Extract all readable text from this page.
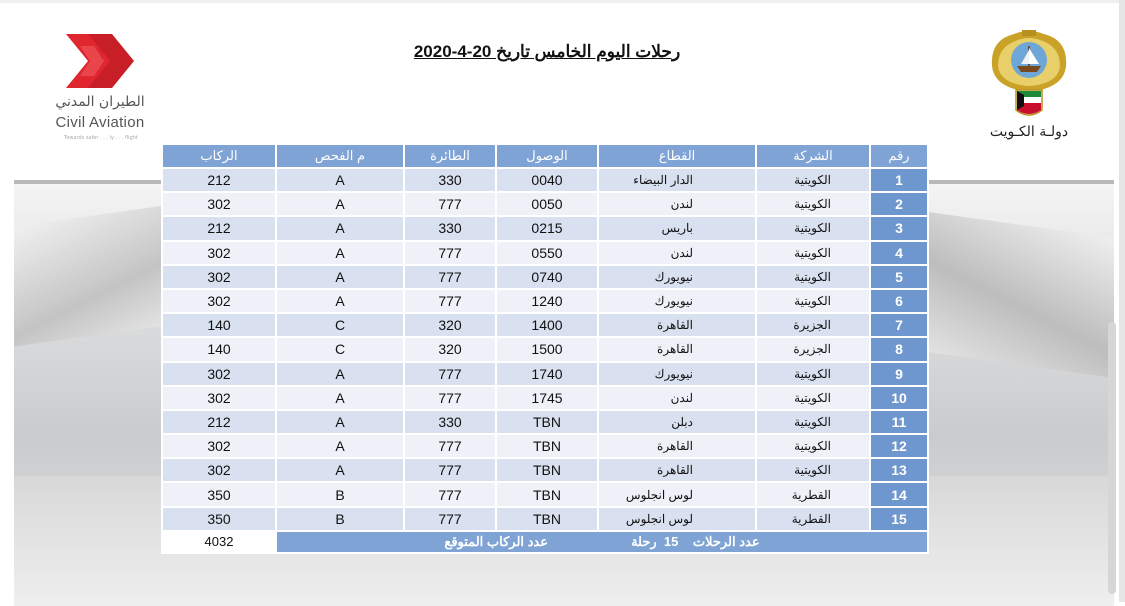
الطيران المدني
Civil Aviation
Towards safer . . . ly . . . flight
رحلات اليوم الخامس تاريخ 20-4-2020
دولـة الكـويت
رقم	الشركة	القطاع	الوصول	الطائرة	م الفحص	الركاب
1	الكويتية	الدار البيضاء	0040	330	A	212
2	الكويتية	لندن	0050	777	A	302
3	الكويتية	باريس	0215	330	A	212
4	الكويتية	لندن	0550	777	A	302
5	الكويتية	نيويورك	0740	777	A	302
6	الكويتية	نيويورك	1240	777	A	302
7	الجزيرة	القاهرة	1400	320	C	140
8	الجزيرة	القاهرة	1500	320	C	140
9	الكويتية	نيويورك	1740	777	A	302
10	الكويتية	لندن	1745	777	A	302
11	الكويتية	دبلن	TBN	330	A	212
12	الكويتية	القاهرة	TBN	777	A	302
13	الكويتية	القاهرة	TBN	777	A	302
14	القطرية	لوس انجلوس	TBN	777	B	350
15	القطرية	لوس انجلوس	TBN	777	B	350
عدد الرحلات    15  رحلة                       عدد الركاب المتوقع						4032
